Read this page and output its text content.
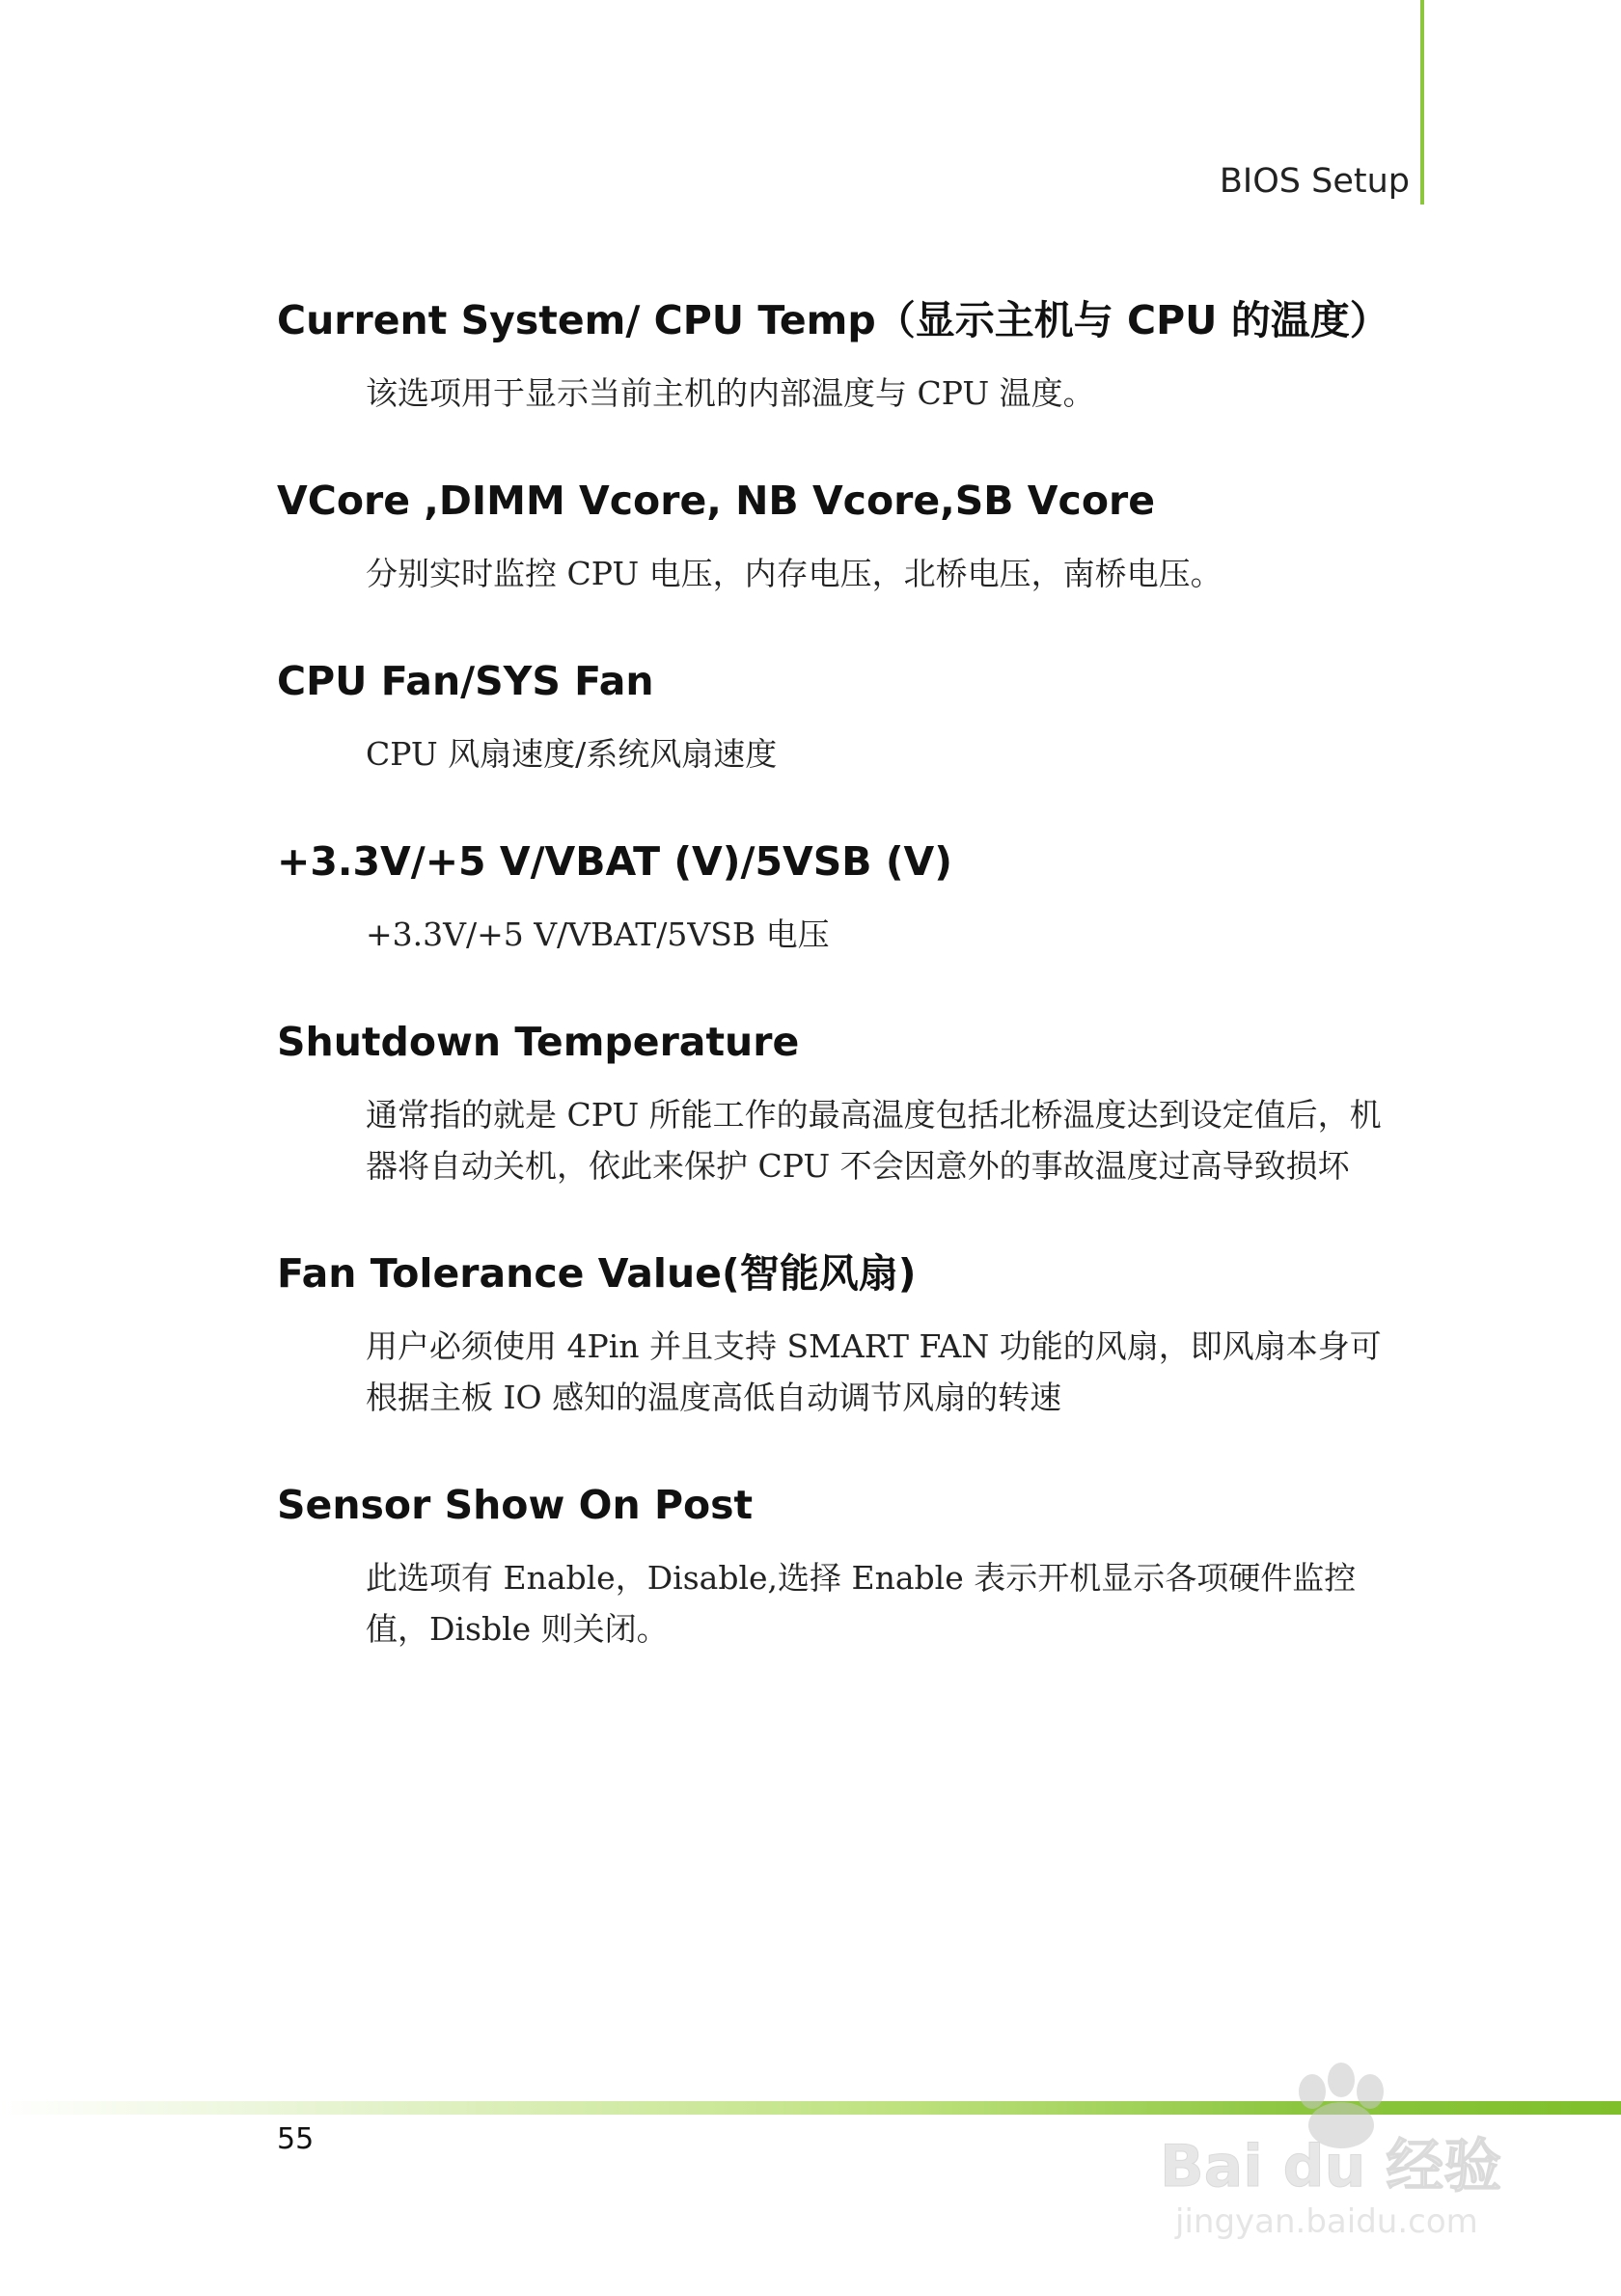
BIOS Setup
Current System/ CPU Temp（显示主机与 CPU 的温度）
该选项用于显示当前主机的内部温度与 CPU 温度。
VCore ,DIMM Vcore, NB Vcore,SB Vcore
分别实时监控 CPU 电压，内存电压，北桥电压，南桥电压。
CPU Fan/SYS Fan
CPU 风扇速度/系统风扇速度
+3.3V/+5 V/VBAT (V)/5VSB (V)
+3.3V/+5 V/VBAT/5VSB 电压
Shutdown Temperature
通常指的就是 CPU 所能工作的最高温度包括北桥温度达到设定值后，机器将自动关机，依此来保护 CPU 不会因意外的事故温度过高导致损坏
Fan Tolerance Value(智能风扇)
用户必须使用 4Pin 并且支持 SMART FAN 功能的风扇，即风扇本身可根据主板 IO 感知的温度高低自动调节风扇的转速
Sensor Show On Post
此选项有 Enable，Disable,选择 Enable 表示开机显示各项硬件监控值，Disble 则关闭。
55	Bai du 经验
jingyan.baidu.com
